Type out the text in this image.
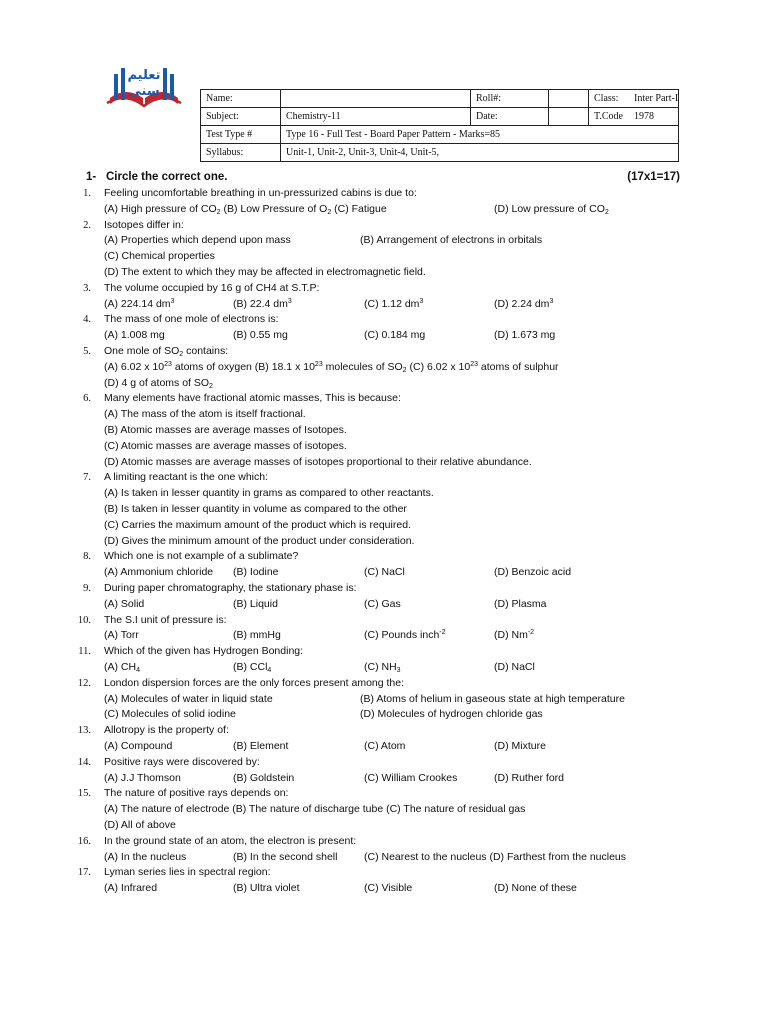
تعلیم
سنی	Name:		Roll#:		Class: Inter Part-I
Subject:	Chemistry-11	Date:		T.Code 1978
Test Type #	Type 16 - Full Test - Board Paper Pattern - Marks=85			
Syllabus:	Unit-1, Unit-2, Unit-3, Unit-4, Unit-5,			
1- Circle the correct one.	(17x1=17)
1. Feeling uncomfortable breathing in un-pressurized cabins is due to:
(A) High pressure of $CO_2$ (B) Low Pressure of $O_2$ (C) Fatigue	(D) Low pressure of $CO_2$
2. Isotopes differ in:
(A) Properties which depend upon mass	(B) Arrangement of electrons in orbitals
(C) Chemical properties
(D) The extent to which they may be affected in electromagnetic field.
3. The volume occupied by 16 g of CH4 at S.T.P:
(A) 224.14 $dm^3$	(B) 22.4 $dm^3$	(C) 1.12 $dm^3$	(D) 2.24 $dm^3$
4. The mass of one mole of electrons is:
(A) 1.008 mg	(B) 0.55 mg	(C) 0.184 mg	(D) 1.673 mg
5. One mole of $SO_2$ contains:
(A) 6.02 x $10^{23}$ atoms of oxygen (B) 18.1 x $10^{23}$ molecules of $SO_2$ (C) 6.02 x $10^{23}$ atoms of sulphur
(D) 4 g of atoms of $SO_2$
6. Many elements have fractional atomic masses, This is because:
(A) The mass of the atom is itself fractional.
(B) Atomic masses are average masses of Isotopes.
(C) Atomic masses are average masses of isotopes.
(D) Atomic masses are average masses of isotopes proportional to their relative abundance.
7. A limiting reactant is the one which:
(A) Is taken in lesser quantity in grams as compared to other reactants.
(B) Is taken in lesser quantity in volume as compared to the other
(C) Carries the maximum amount of the product which is required.
(D) Gives the minimum amount of the product under consideration.
8. Which one is not example of a sublimate?
(A) Ammonium chloride (B) Iodine	(C) NaCl	(D) Benzoic acid
9. During paper chromatography, the stationary phase is:
(A) Solid	(B) Liquid	(C) Gas	(D) Plasma
10. The S.I unit of pressure is:
(A) Torr	(B) mmHg	(C) Pounds inch$^{-2}$	(D) $Nm^{-2}$
11. Which of the given has Hydrogen Bonding:
(A) $CH_4$	(B) CCl$_4$	(C) $NH_3$	(D) NaCl
12. London dispersion forces are the only forces present among the:
(A) Molecules of water in liquid state	(B) Atoms of helium in gaseous state at high temperature
(C) Molecules of solid iodine	(D) Molecules of hydrogen chloride gas
13. Allotropy is the property of:
(A) Compound	(B) Element	(C) Atom	(D) Mixture
14. Positive rays were discovered by:
(A) J.J Thomson	(B) Goldstein	(C) William Crookes	(D) Ruther ford
15. The nature of positive rays depends on:
(A) The nature of electrode (B) The nature of discharge tube (C) The nature of residual gas
(D) All of above
16. In the ground state of an atom, the electron is present:
(A) In the nucleus	(B) In the second shell	(C) Nearest to the nucleus (D) Farthest from the nucleus
17. Lyman series lies in spectral region:
(A) Infrared	(B) Ultra violet	(C) Visible	(D) None of these
